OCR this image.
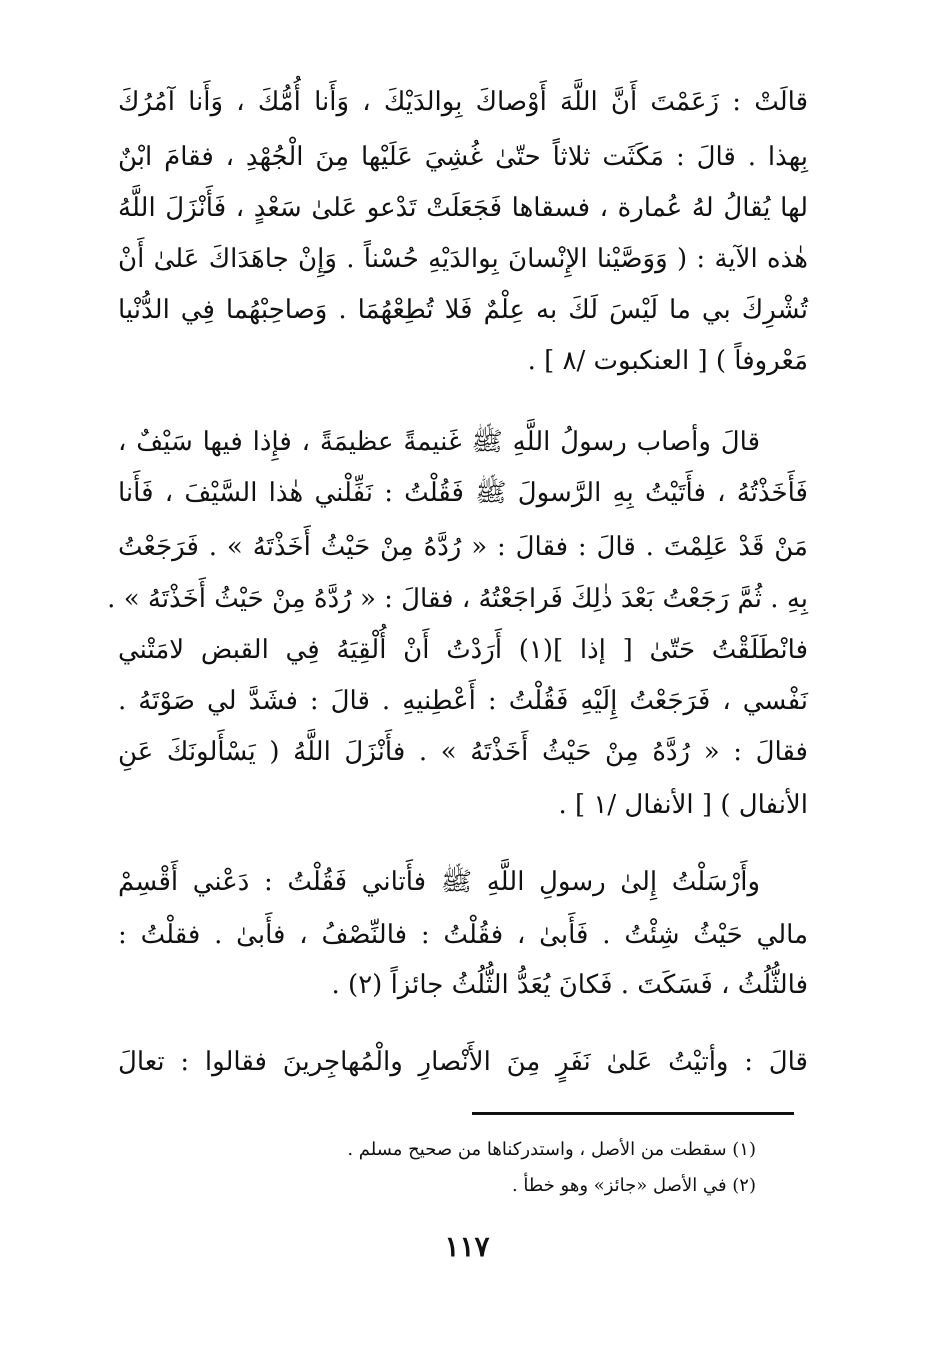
قالَتْ : زَعَمْتَ أَنَّ اللَّهَ أَوْصاكَ بِوالدَيْكَ ، وَأَنا أُمُّكَ ، وَأَنا آمُرُكَ
بِهذا . قالَ : مَكَثَت ثلاثاً حتّىٰ غُشِيَ عَلَيْها مِنَ الْجُهْدِ ، فقامَ ابْنٌ
لها يُقالُ لهُ عُمارة ، فسقاها فَجَعَلَتْ تَدْعو عَلىٰ سَعْدٍ ، فَأَنْزَلَ اللَّهُ
هٰذه الآية : ( وَوَصَّيْنا الإِنْسانَ بِوالدَيْهِ حُسْناً . وَإِنْ جاهَدَاكَ عَلىٰ أَنْ
تُشْرِكَ بي ما لَيْسَ لَكَ به عِلْمٌ فَلا تُطِعْهُمَا . وَصاحِبْهُما فِي الدُّنْيا
مَعْروفاً ) [ العنكبوت /٨ ] .
قالَ وأصاب رسولُ اللَّهِ ﷺ غَنيمةً عظيمَةً ، فإِذا فيها سَيْفٌ ،
فَأَخَذْتُهُ ، فأَتَيْتُ بِهِ الرَّسولَ ﷺ فَقُلْتُ : نَفِّلْني هٰذا السَّيْفَ ، فَأَنا
مَنْ قَدْ عَلِمْتَ . قالَ : فقالَ : « رُدَّهُ مِنْ حَيْثُ أَخَذْتَهُ » . فَرَجَعْتُ
بِهِ . ثُمَّ رَجَعْتُ بَعْدَ ذٰلِكَ فَراجَعْتُهُ ، فقالَ : « رُدَّهُ مِنْ حَيْثُ أَخَذْتَهُ » .
فانْطَلَقْتُ حَتّىٰ [ إذا ](١) أَرَدْتُ أَنْ أُلْقِيَهُ فِي القبض لامَتْني
نَفْسي ، فَرَجَعْتُ إِلَيْهِ فَقُلْتُ : أَعْطِنيهِ . قالَ : فشَدَّ لي صَوْتَهُ .
فقالَ : « رُدَّهُ مِنْ حَيْثُ أَخَذْتَهُ » . فأَنْزَلَ اللَّهُ ( يَسْأَلونَكَ عَنِ
الأنفال ) [ الأنفال /١ ] .
وأَرْسَلْتُ إِلىٰ رسولِ اللَّهِ ﷺ فأَتاني فَقُلْتُ : دَعْني أَقْسِمْ
مالي حَيْثُ شِئْتُ . فَأَبىٰ ، فقُلْتُ : فالنِّصْفُ ، فأَبىٰ . فقلْتُ :
فالثُّلُثُ ، فَسَكَتَ . فَكانَ يُعَدُّ الثُّلُثُ جائزاً (٢) .
قالَ : وأتيْتُ عَلىٰ نَفَرٍ مِنَ الأَنْصارِ والْمُهاجِرينَ فقالوا : تعالَ
(١) سقطت من الأصل ، واستدركناها من صحيح مسلم .
(٢) في الأصل «جائز» وهو خطأ .
١١٧
